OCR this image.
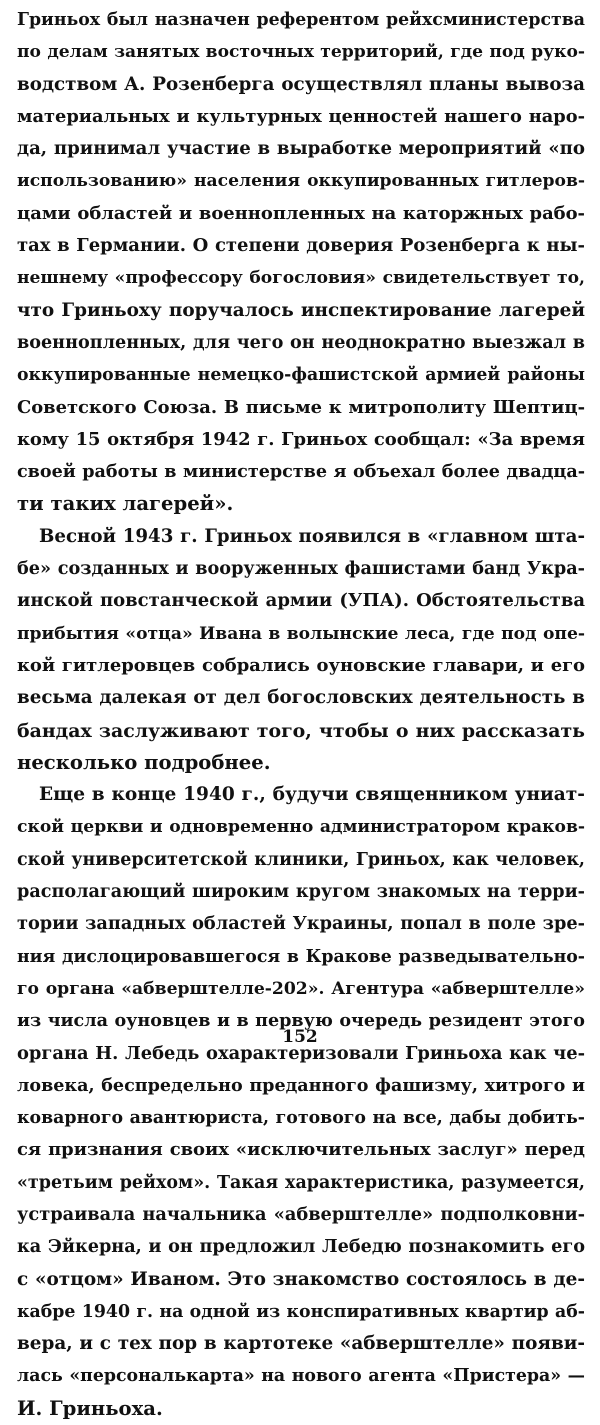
Гриньох был назначен референтом рейхсминистерства
по делам занятых восточных территорий, где под руко-
водством А. Розенберга осуществлял планы вывоза
материальных и культурных ценностей нашего наро-
да, принимал участие в выработке мероприятий «по
использованию» населения оккупированных гитлеров-
цами областей и военнопленных на каторжных рабо-
тах в Германии. О степени доверия Розенберга к ны-
нешнему «профессору богословия» свидетельствует то,
что Гриньоху поручалось инспектирование лагерей
военнопленных, для чего он неоднократно выезжал в
оккупированные немецко-фашистской армией районы
Советского Союза. В письме к митрополиту Шептиц-
кому 15 октября 1942 г. Гриньох сообщал: «За время
своей работы в министерстве я объехал более двадца-
ти таких лагерей».
Весной 1943 г. Гриньох появился в «главном шта-
бе» созданных и вооруженных фашистами банд Укра-
инской повстанческой армии (УПА). Обстоятельства
прибытия «отца» Ивана в волынские леса, где под опе-
кой гитлеровцев собрались оуновские главари, и его
весьма далекая от дел богословских деятельность в
бандах заслуживают того, чтобы о них рассказать
несколько подробнее.
Еще в конце 1940 г., будучи священником униат-
ской церкви и одновременно администратором краков-
ской университетской клиники, Гриньох, как человек,
располагающий широким кругом знакомых на терри-
тории западных областей Украины, попал в поле зре-
ния дислоцировавшегося в Кракове разведывательно-
го органа «абверштелле-202». Агентура «абверштелле»
из числа оуновцев и в первую очередь резидент этого
органа Н. Лебедь охарактеризовали Гриньоха как че-
ловека, беспредельно преданного фашизму, хитрого и
коварного авантюриста, готового на все, дабы добить-
ся признания своих «исключительных заслуг» перед
«третьим рейхом». Такая характеристика, разумеется,
устраивала начальника «абверштелле» подполковни-
ка Эйкерна, и он предложил Лебедю познакомить его
с «отцом» Иваном. Это знакомство состоялось в де-
кабре 1940 г. на одной из конспиративных квартир аб-
вера, и с тех пор в картотеке «абверштелле» появи-
лась «персональкарта» на нового агента «Пристера» —
И. Гриньоха.
152
